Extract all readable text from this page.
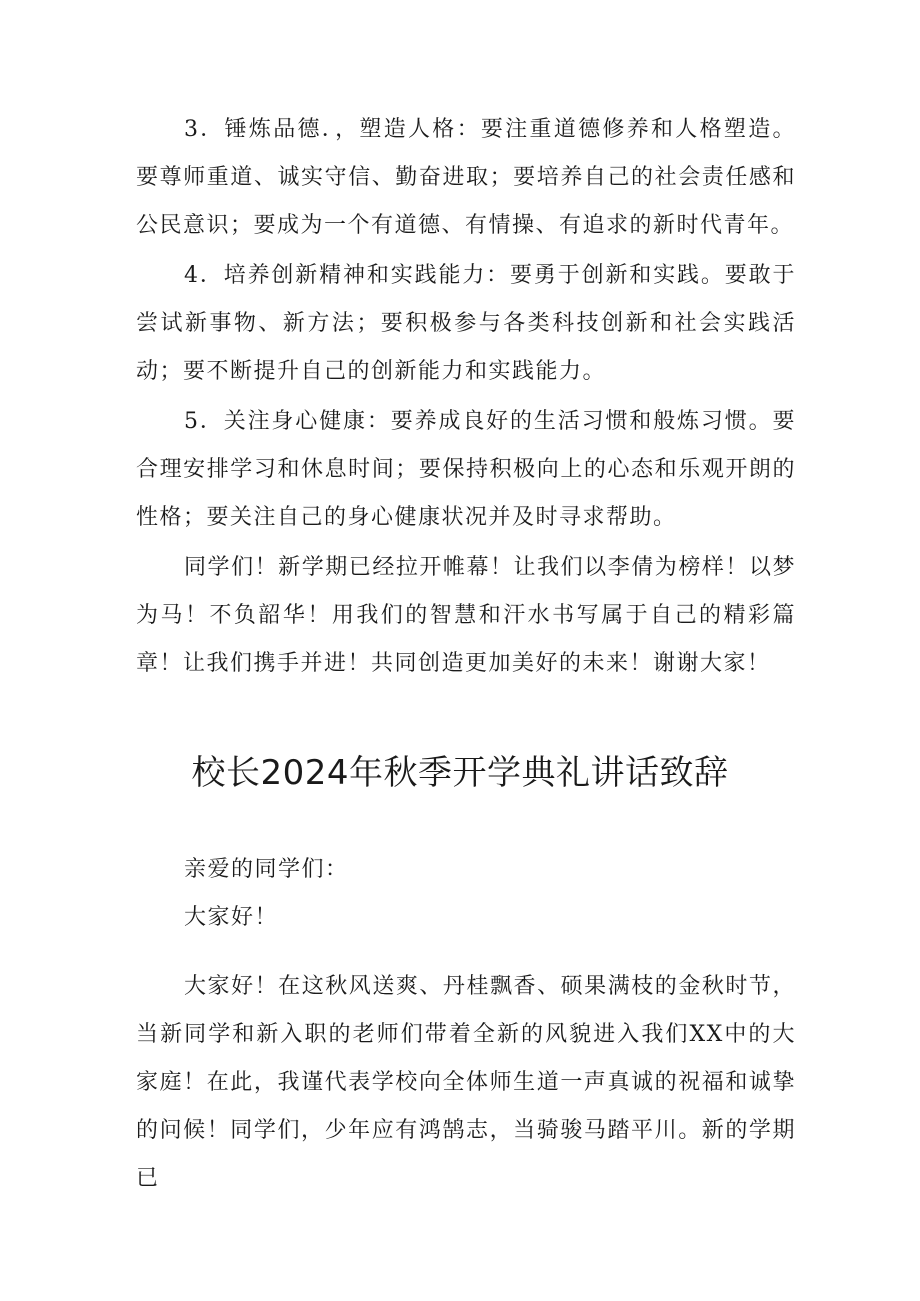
3．锤炼品德．，塑造人格：要注重道德修养和人格塑造。要尊师重道、诚实守信、勤奋进取；要培养自己的社会责任感和公民意识；要成为一个有道德、有情操、有追求的新时代青年。

4．培养创新精神和实践能力：要勇于创新和实践。要敢于尝试新事物、新方法；要积极参与各类科技创新和社会实践活动；要不断提升自己的创新能力和实践能力。

5．关注身心健康：要养成良好的生活习惯和般炼习惯。要合理安排学习和休息时间；要保持积极向上的心态和乐观开朗的性格；要关注自己的身心健康状况并及时寻求帮助。

同学们！新学期已经拉开帷幕！让我们以李倩为榜样！以梦为马！不负韶华！用我们的智慧和汗水书写属于自己的精彩篇章！让我们携手并进！共同创造更加美好的未来！谢谢大家！

校长2024年秋季开学典礼讲话致辞

亲爱的同学们：

大家好！

大家好！在这秋风送爽、丹桂飘香、硕果满枝的金秋时节，当新同学和新入职的老师们带着全新的风貌进入我们XX中的大家庭！在此，我谨代表学校向全体师生道一声真诚的祝福和诚挚的问候！同学们，少年应有鸿鹄志，当骑骏马踏平川。新的学期已
